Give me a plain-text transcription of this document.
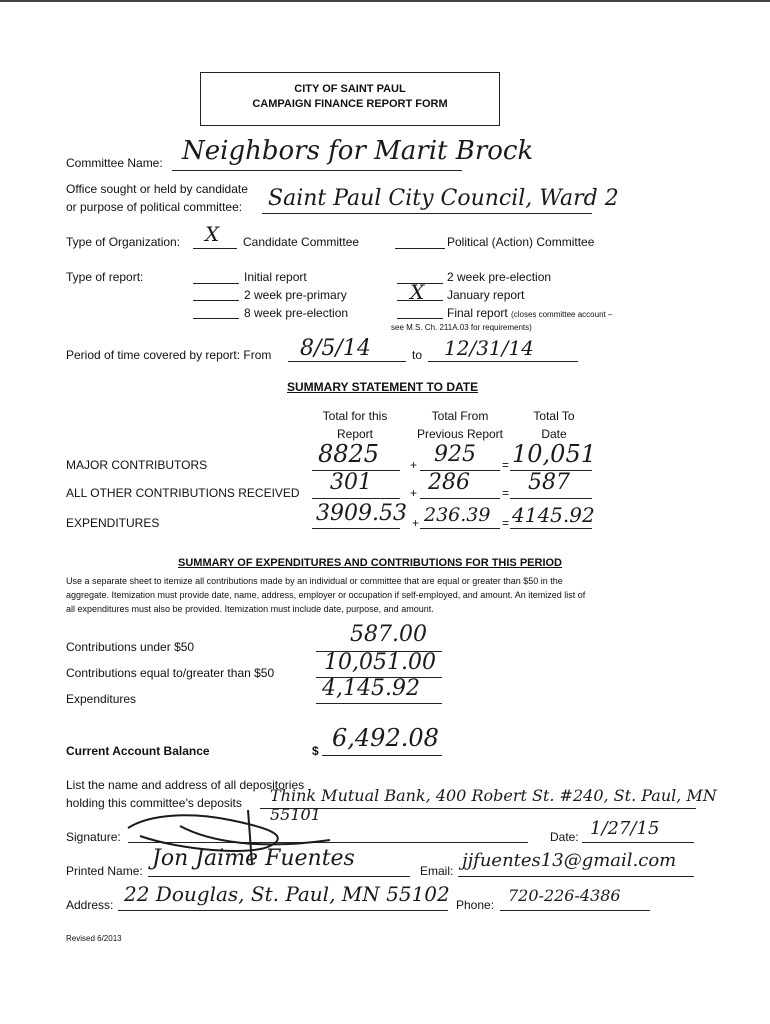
CITY OF SAINT PAUL
CAMPAIGN FINANCE REPORT FORM
Committee Name: Neighbors for Marit Brock
Office sought or held by candidate
or purpose of political committee: Saint Paul City Council, Ward 2
Type of Organization: X Candidate Committee	Political (Action) Committee
Type of report:	Initial report
2 week pre-primary
8 week pre-election
2 week pre-election
X January report
Final report (closes committee account –
see M.S. Ch. 211A.03 for requirements)
Period of time covered by report: From 8/5/14	to 12/31/14
SUMMARY STATEMENT TO DATE
Total for this
Report
Total From
Previous Report
Total To
Date
MAJOR CONTRIBUTORS	8825	+ 925 = 10,051
ALL OTHER CONTRIBUTIONS RECEIVED 301	+ 286	= 587
EXPENDITURES	3909.53 + 236.39 = 4145.92
SUMMARY OF EXPENDITURES AND CONTRIBUTIONS FOR THIS PERIOD
Use a separate sheet to itemize all contributions made by an individual or committee that are equal or greater than $50 in the
aggregate. Itemization must provide date, name, address, employer or occupation if self-employed, and amount. An itemized list of
all expenditures must also be provided. Itemization must include date, purpose, and amount.
Contributions under $50	587.00
Contributions equal to/greater than $50 10,051.00
Expenditures	4,145.92
Current Account Balance	$ 6,492.08
List the name and address of all depositories
holding this committee’s deposits Think Mutual Bank, 400 Robert St. #240, St. Paul, MN 55101
Signature:	Date: 1/27/15
Printed Name: Jon Jaime Fuentes	Email: jjfuentes13@gmail.com
Address: 22 Douglas, St. Paul, MN 55102 Phone: 720-226-4386
Revised 6/2013
